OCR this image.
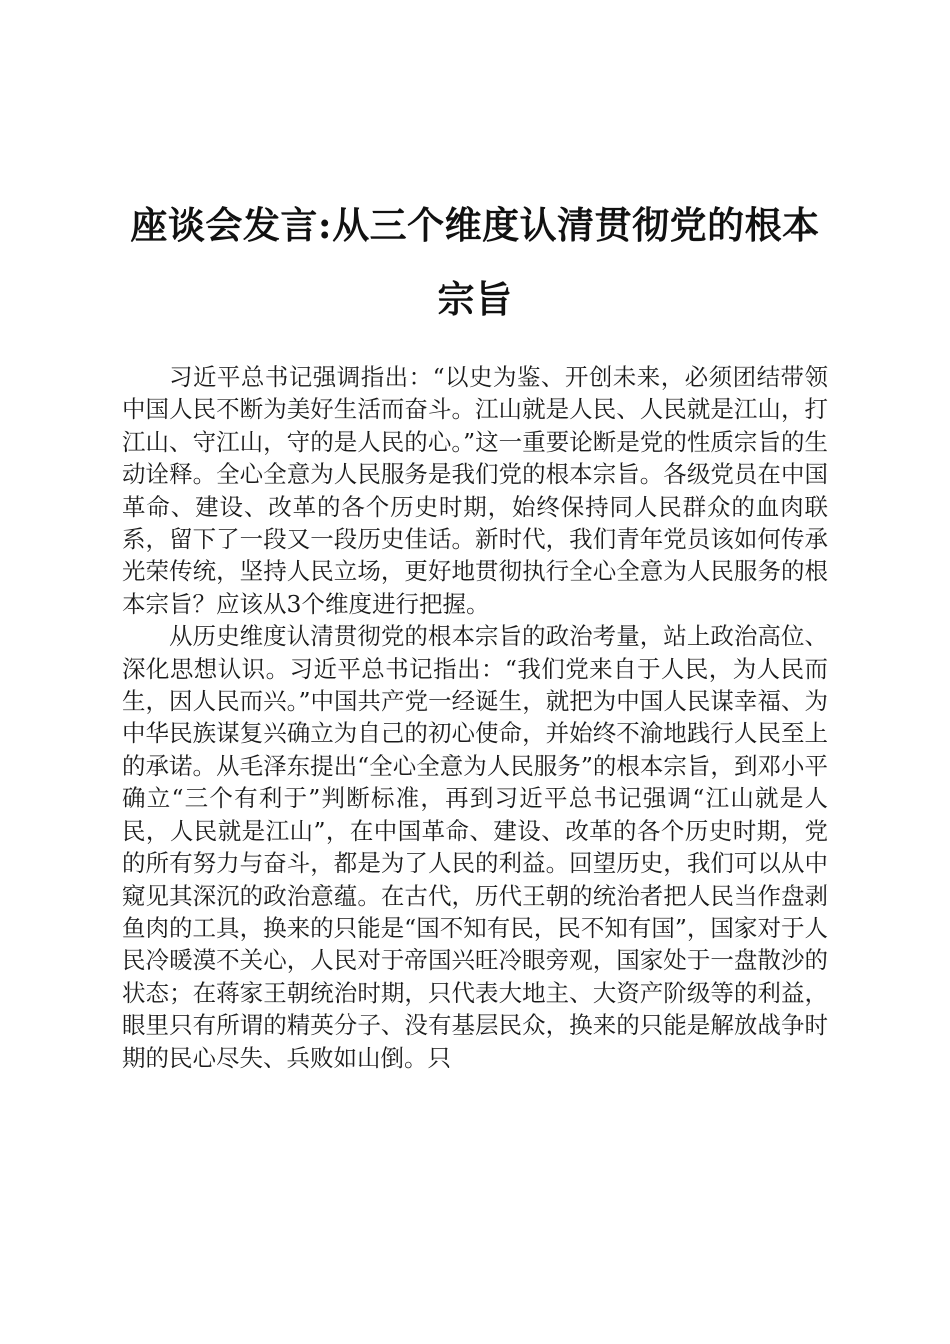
座谈会发言:从三个维度认清贯彻党的根本宗旨

习近平总书记强调指出：“以史为鉴、开创未来，必须团结带领中国人民不断为美好生活而奋斗。江山就是人民、人民就是江山，打江山、守江山，守的是人民的心。”这一重要论断是党的性质宗旨的生动诠释。全心全意为人民服务是我们党的根本宗旨。各级党员在中国革命、建设、改革的各个历史时期，始终保持同人民群众的血肉联系，留下了一段又一段历史佳话。新时代，我们青年党员该如何传承光荣传统，坚持人民立场，更好地贯彻执行全心全意为人民服务的根本宗旨？应该从3个维度进行把握。

从历史维度认清贯彻党的根本宗旨的政治考量，站上政治高位、深化思想认识。习近平总书记指出：“我们党来自于人民，为人民而生，因人民而兴。”中国共产党一经诞生，就把为中国人民谋幸福、为中华民族谋复兴确立为自己的初心使命，并始终不渝地践行人民至上的承诺。从毛泽东提出“全心全意为人民服务”的根本宗旨，到邓小平确立“三个有利于”判断标准，再到习近平总书记强调“江山就是人民，人民就是江山”，在中国革命、建设、改革的各个历史时期，党的所有努力与奋斗，都是为了人民的利益。回望历史，我们可以从中窥见其深沉的政治意蕴。在古代，历代王朝的统治者把人民当作盘剥鱼肉的工具，换来的只能是“国不知有民，民不知有国”，国家对于人民冷暖漠不关心，人民对于帝国兴旺冷眼旁观，国家处于一盘散沙的状态；在蒋家王朝统治时期，只代表大地主、大资产阶级等的利益，眼里只有所谓的精英分子、没有基层民众，换来的只能是解放战争时期的民心尽失、兵败如山倒。只
